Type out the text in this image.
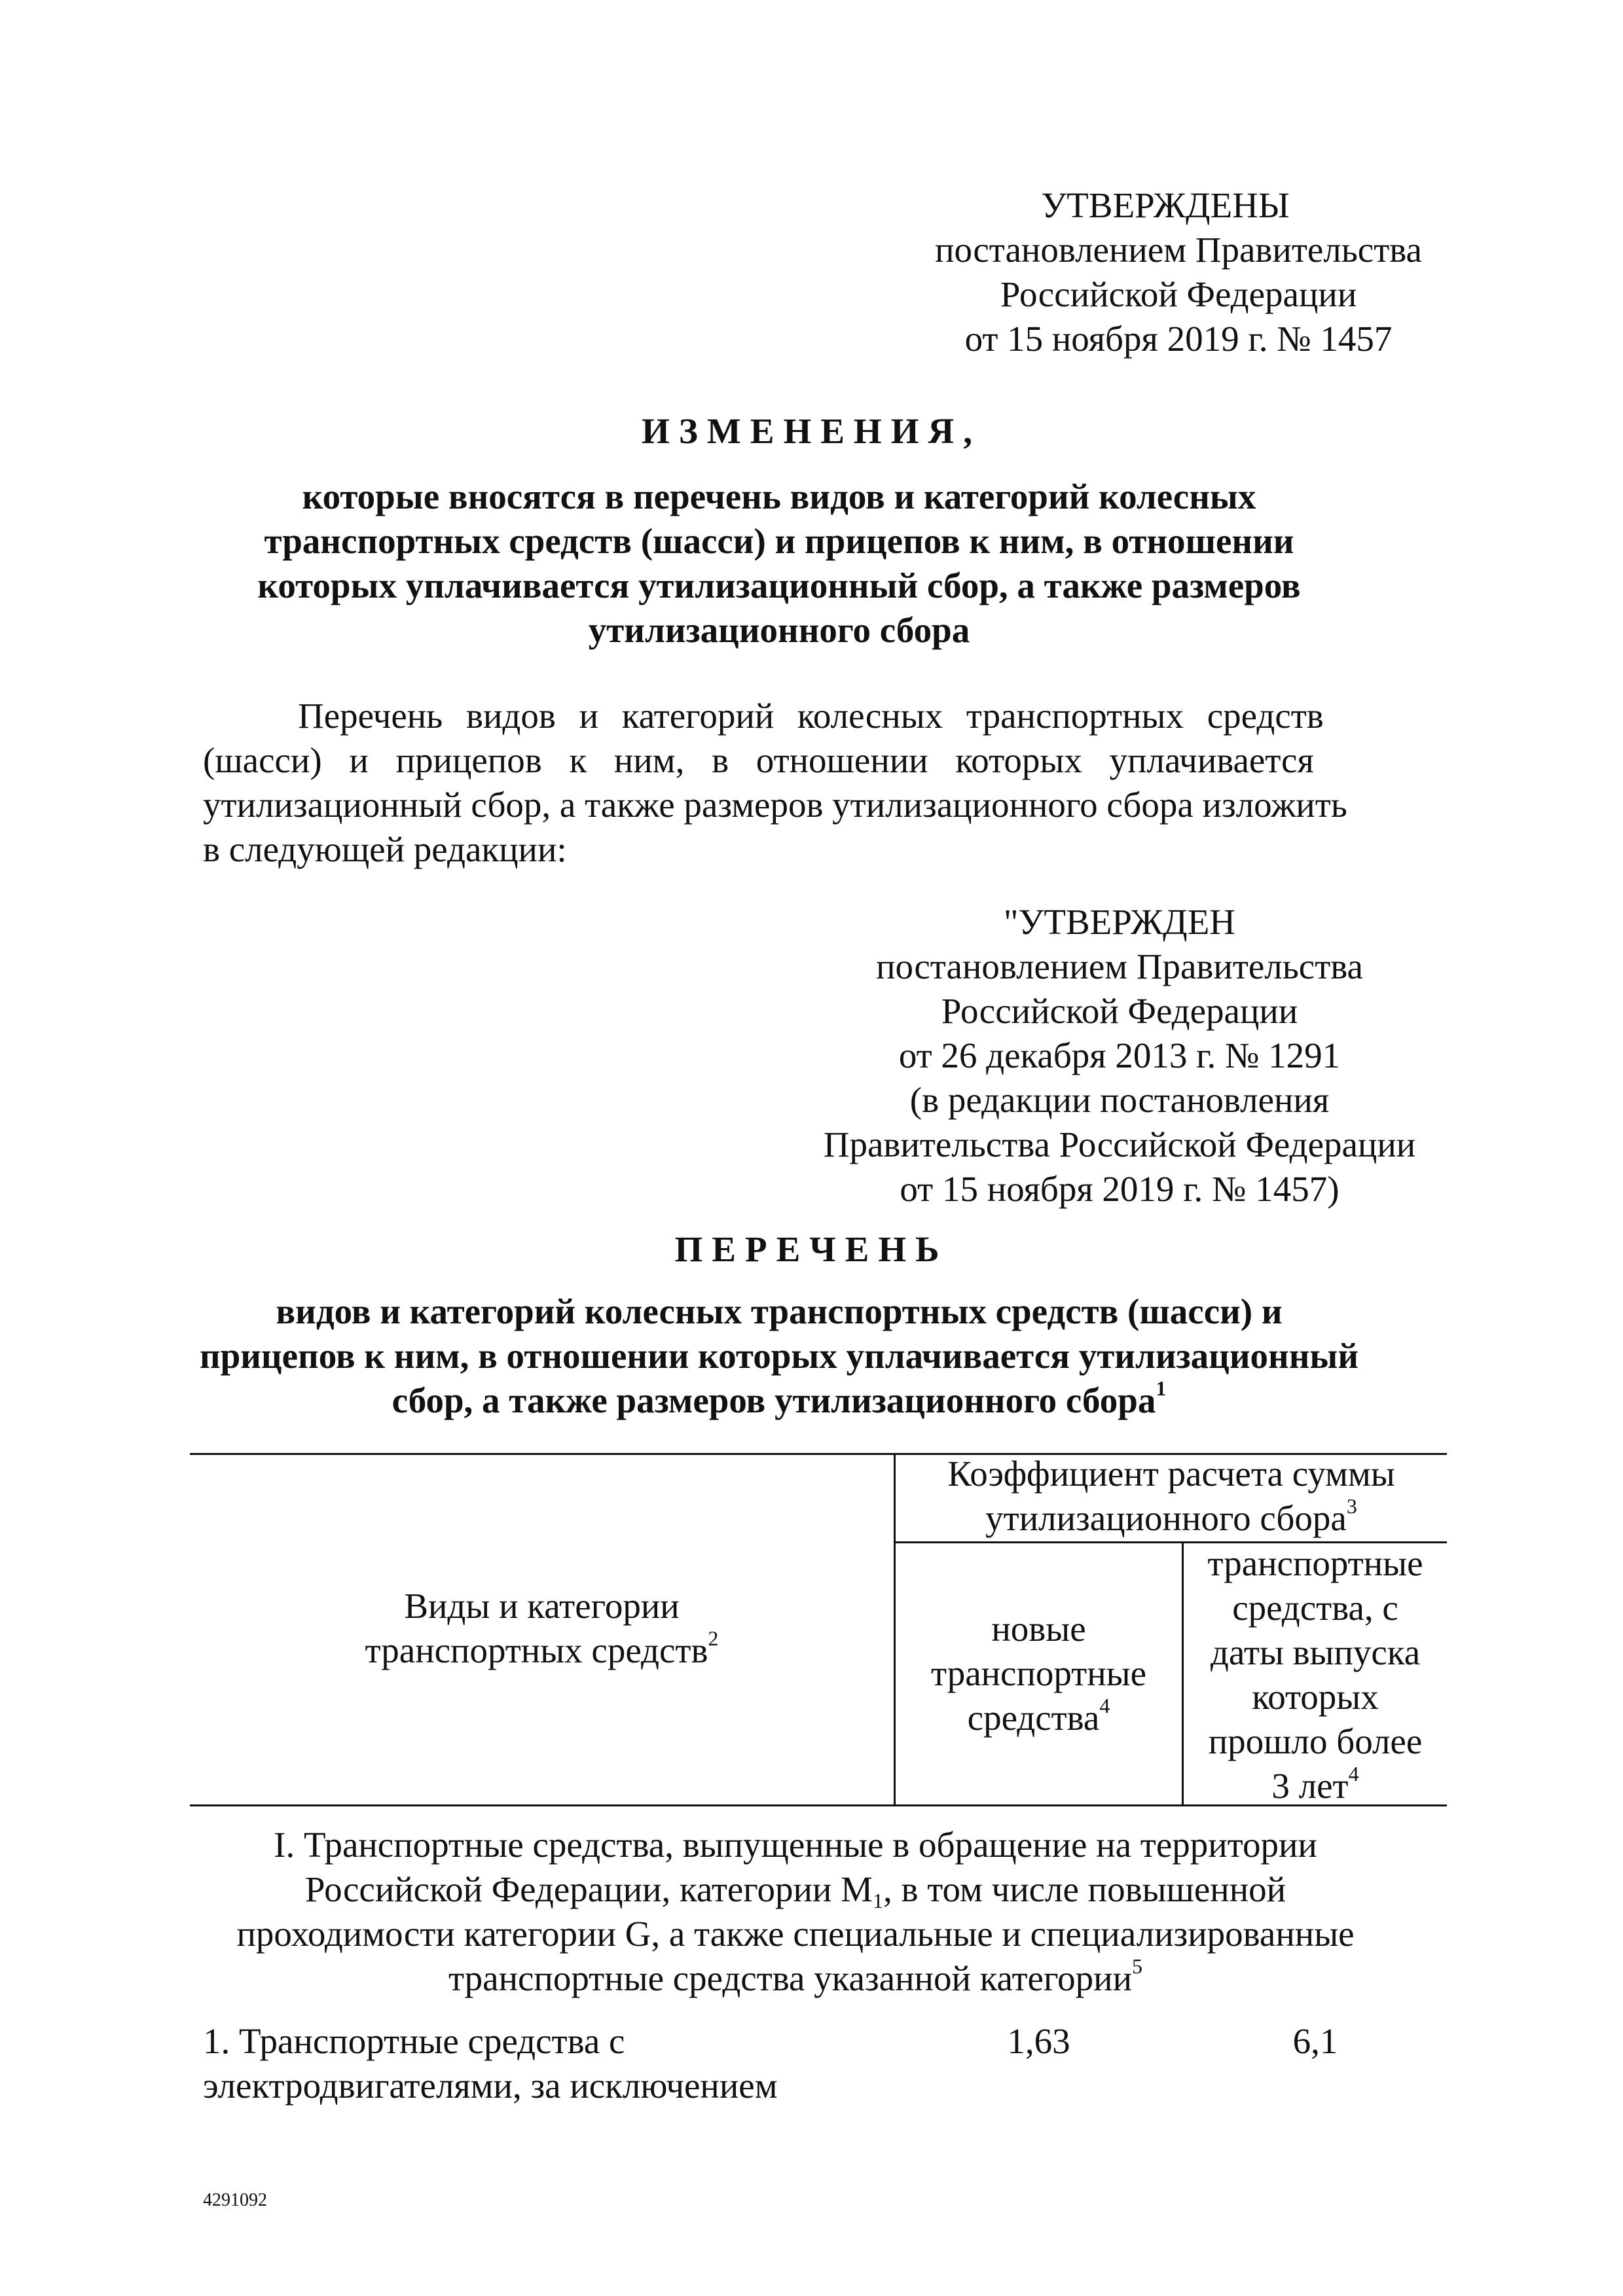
УТВЕРЖДЕНЫ
постановлением Правительства
Российской Федерации
от 15 ноября 2019 г. № 1457
ИЗМЕНЕНИЯ,
которые вносятся в перечень видов и категорий колесных
транспортных средств (шасси) и прицепов к ним, в отношении
которых уплачивается утилизационный сбор, а также размеров
утилизационного сбора
Перечень видов и категорий колесных транспортных средств
(шасси) и прицепов к ним, в отношении которых уплачивается
утилизационный сбор, а также размеров утилизационного сбора изложить
в следующей редакции:
"УТВЕРЖДЕН
постановлением Правительства
Российской Федерации
от 26 декабря 2013 г. № 1291
(в редакции постановления
Правительства Российской Федерации
от 15 ноября 2019 г. № 1457)
ПЕРЕЧЕНЬ
видов и категорий колесных транспортных средств (шасси) и
прицепов к ним, в отношении которых уплачивается утилизационный
сбор, а также размеров утилизационного сбора$^1$
Виды и категории
транспортных средств$^2$
Коэффициент расчета суммы
утилизационного сбора$^3$
новые
транспортные
средства$^4$
транспортные
средства, с
даты выпуска
которых
прошло более
3 лет$^4$
I. Транспортные средства, выпущенные в обращение на территории
Российской Федерации, категории $М_1$, в том числе повышенной
проходимости категории G, а также специальные и специализированные
транспортные средства указанной категории$^5$
1. Транспортные средства с
электродвигателями, за исключением
1,63	6,1
4291092
